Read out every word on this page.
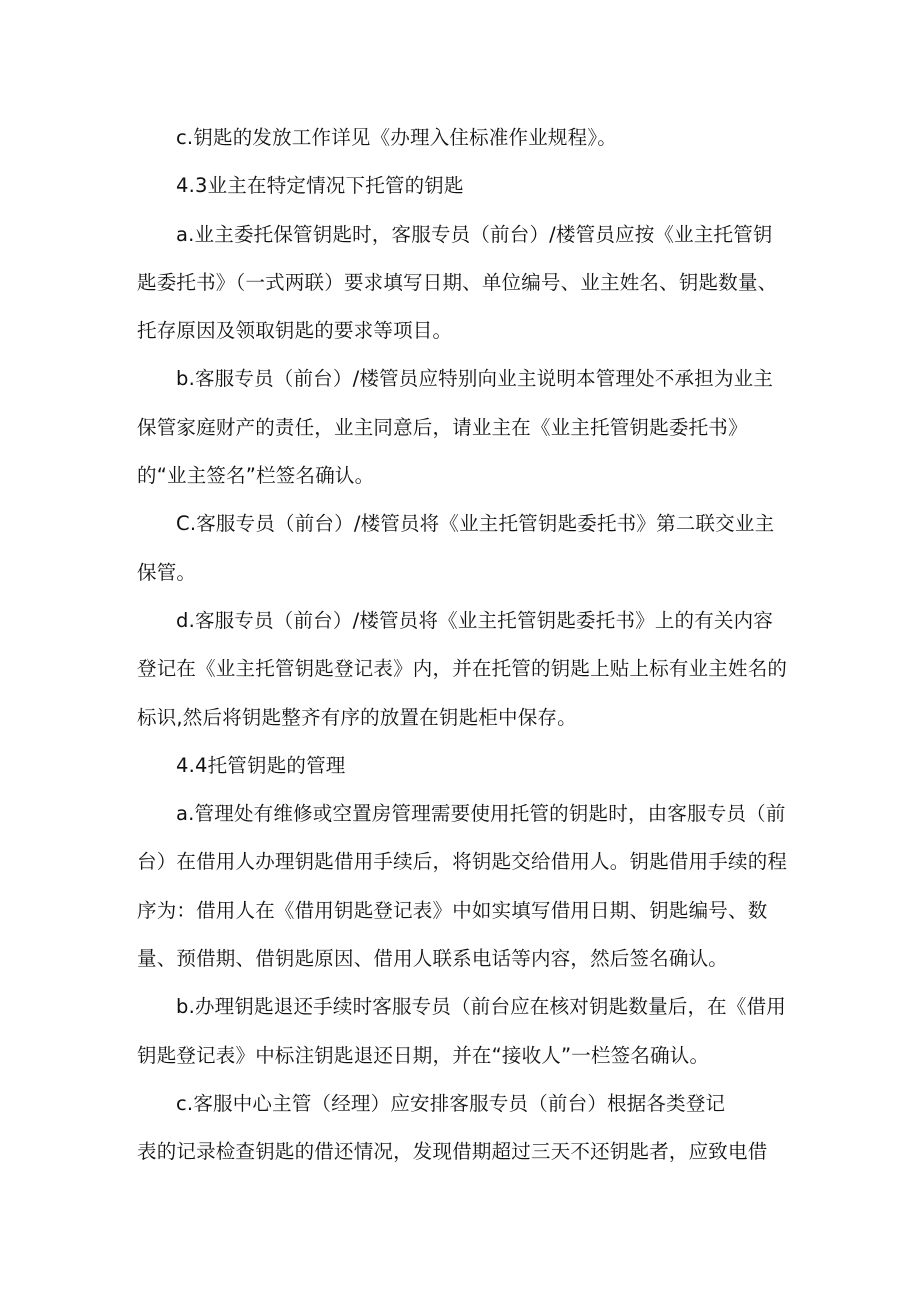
c.钥匙的发放工作详见《办理入住标准作业规程》。

4.3业主在特定情况下托管的钥匙

a.业主委托保管钥匙时，客服专员（前台）/楼管员应按《业主托管钥匙委托书》（一式两联）要求填写日期、单位编号、业主姓名、钥匙数量、托存原因及领取钥匙的要求等项目。

b.客服专员（前台）/楼管员应特别向业主说明本管理处不承担为业主保管家庭财产的责任，业主同意后，请业主在《业主托管钥匙委托书》的“业主签名”栏签名确认。

C.客服专员（前台）/楼管员将《业主托管钥匙委托书》第二联交业主保管。

d.客服专员（前台）/楼管员将《业主托管钥匙委托书》上的有关内容登记在《业主托管钥匙登记表》内，并在托管的钥匙上贴上标有业主姓名的标识,然后将钥匙整齐有序的放置在钥匙柜中保存。

4.4托管钥匙的管理

a.管理处有维修或空置房管理需要使用托管的钥匙时，由客服专员（前台）在借用人办理钥匙借用手续后，将钥匙交给借用人。钥匙借用手续的程序为：借用人在《借用钥匙登记表》中如实填写借用日期、钥匙编号、数量、预借期、借钥匙原因、借用人联系电话等内容，然后签名确认。

b.办理钥匙退还手续时客服专员（前台应在核对钥匙数量后，在《借用钥匙登记表》中标注钥匙退还日期，并在“接收人”一栏签名确认。

c.客服中心主管（经理）应安排客服专员（前台）根据各类登记

表的记录检查钥匙的借还情况，发现借期超过三天不还钥匙者，应致电借
